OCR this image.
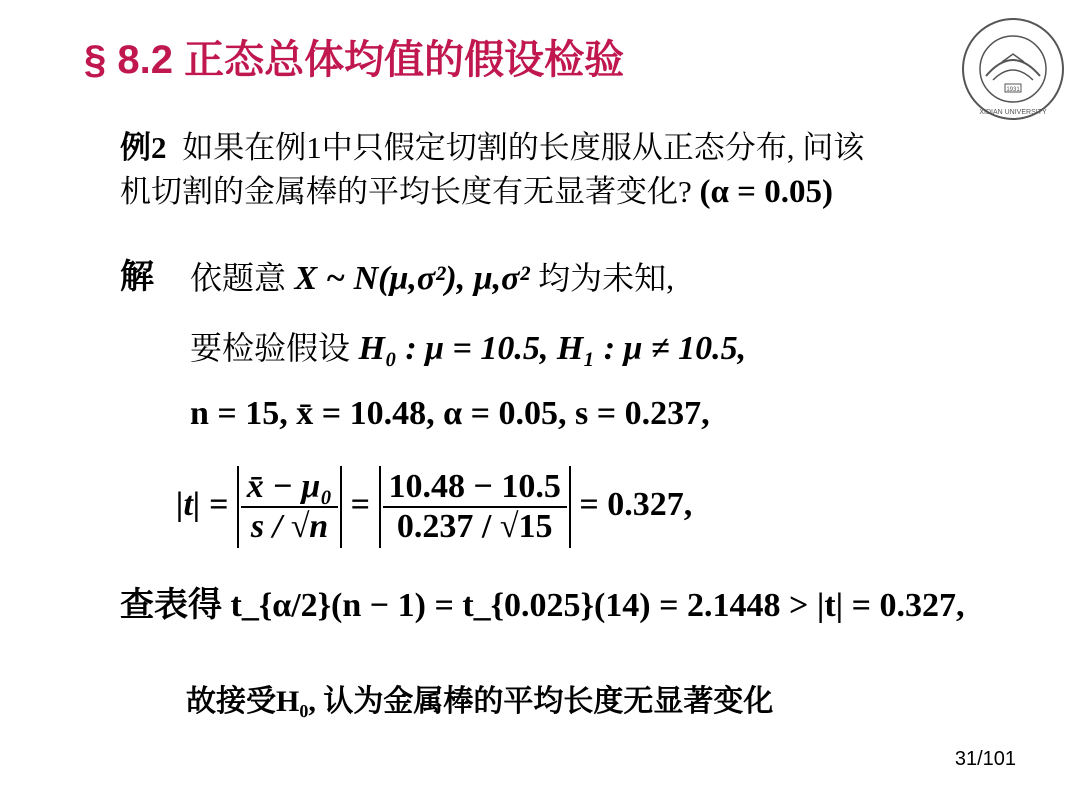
§ 8.2 正态总体均值的假设检验
1931
XIDIAN UNIVERSITY
例2 如果在例1中只假定切割的长度服从正态分布, 问该
机切割的金属棒的平均长度有无显著变化? (α = 0.05)
解 依题意 X ~ N(μ,σ²), μ,σ² 均为未知,
要检验假设 H₀ : μ = 10.5, H₁ : μ ≠ 10.5,
n = 15, x̄ = 10.48, α = 0.05, s = 0.237,
$|t| = \frac{\text{x̄ − μ₀}}{s / √n} = \frac{10.48 - 10.5}{0.237 / √15} = 0.327$,
查表得 t_{α/2}(n − 1) = t_{0.025}(14) = 2.1448 > |t| = 0.327,
故接受H₀, 认为金属棒的平均长度无显著变化
31/101
